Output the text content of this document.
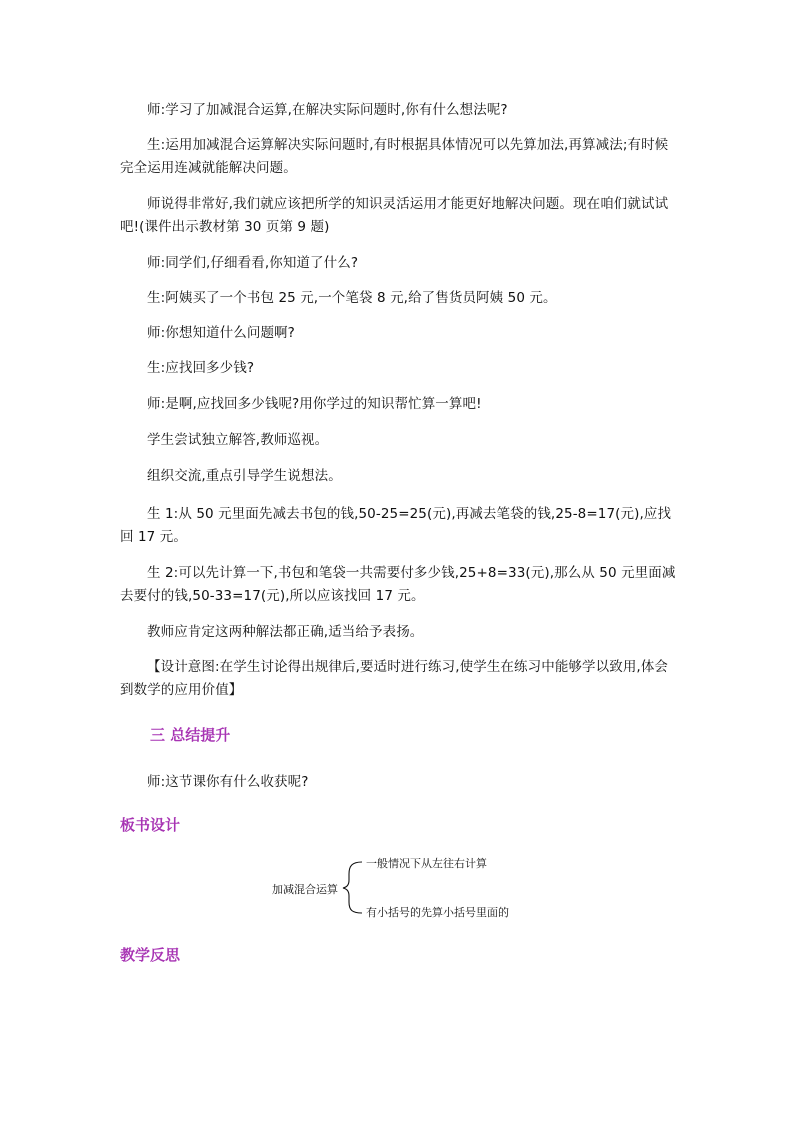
师:学习了加减混合运算,在解决实际问题时,你有什么想法呢?

生:运用加减混合运算解决实际问题时,有时根据具体情况可以先算加法,再算减法;有时候完全运用连减就能解决问题。

师说得非常好,我们就应该把所学的知识灵活运用才能更好地解决问题。现在咱们就试试吧!(课件出示教材第 30 页第 9 题)

师:同学们,仔细看看,你知道了什么?

生:阿姨买了一个书包 25 元,一个笔袋 8 元,给了售货员阿姨 50 元。

师:你想知道什么问题啊?

生:应找回多少钱?

师:是啊,应找回多少钱呢?用你学过的知识帮忙算一算吧!

学生尝试独立解答,教师巡视。

组织交流,重点引导学生说想法。

生 1:从 50 元里面先减去书包的钱,50-25=25(元),再减去笔袋的钱,25-8=17(元),应找回 17 元。

生 2:可以先计算一下,书包和笔袋一共需要付多少钱,25+8=33(元),那么从 50 元里面减去要付的钱,50-33=17(元),所以应该找回 17 元。

教师应肯定这两种解法都正确,适当给予表扬。

【设计意图:在学生讨论得出规律后,要适时进行练习,使学生在练习中能够学以致用,体会到数学的应用价值】

三 总结提升

师:这节课你有什么收获呢?

板书设计
加减混合运算
一般情况下从左往右计算
有小括号的先算小括号里面的
教学反思
